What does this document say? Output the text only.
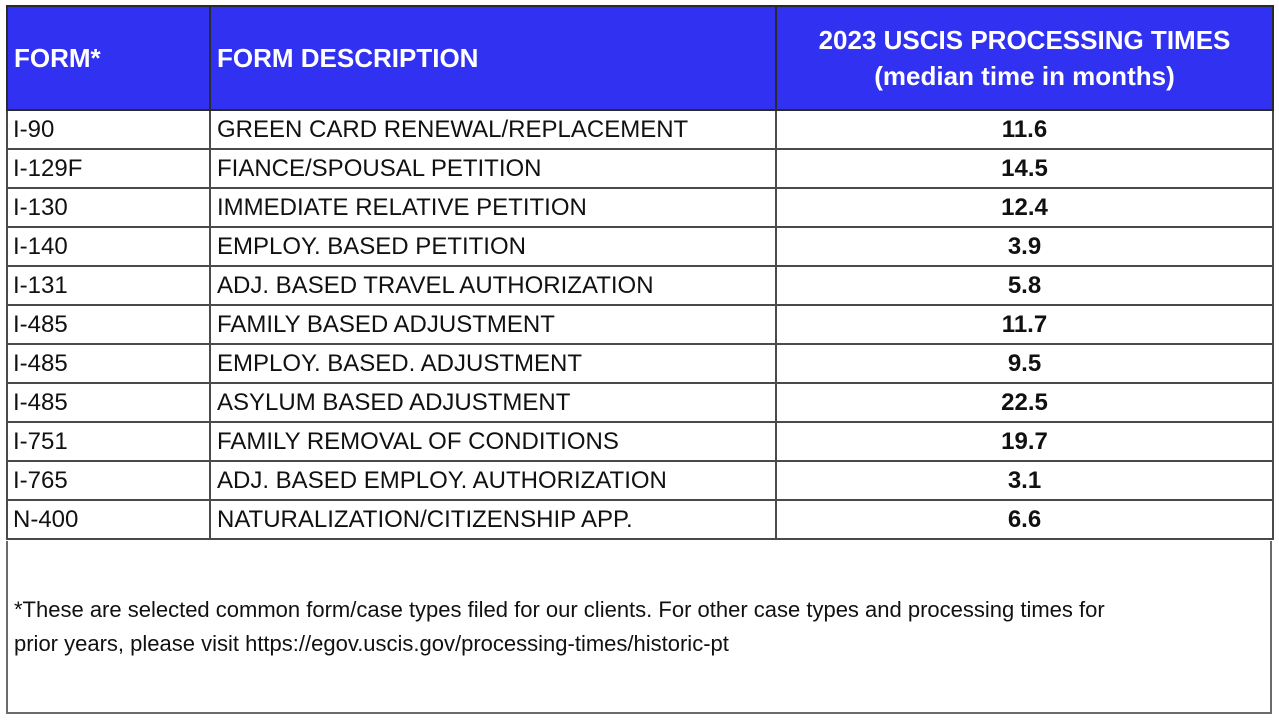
FORM*	FORM DESCRIPTION	2023 USCIS PROCESSING TIMES
(median time in months)
I-90	GREEN CARD RENEWAL/REPLACEMENT	11.6
I-129F	FIANCE/SPOUSAL PETITION	14.5
I-130	IMMEDIATE RELATIVE PETITION	12.4
I-140	EMPLOY. BASED PETITION	3.9
I-131	ADJ. BASED TRAVEL AUTHORIZATION	5.8
I-485	FAMILY BASED ADJUSTMENT	11.7
I-485	EMPLOY. BASED. ADJUSTMENT	9.5
I-485	ASYLUM BASED ADJUSTMENT	22.5
I-751	FAMILY REMOVAL OF CONDITIONS	19.7
I-765	ADJ. BASED EMPLOY. AUTHORIZATION	3.1
N-400	NATURALIZATION/CITIZENSHIP APP.	6.6
*These are selected common form/case types filed for our clients. For other case types and processing times for
prior years, please visit https://egov.uscis.gov/processing-times/historic-pt
